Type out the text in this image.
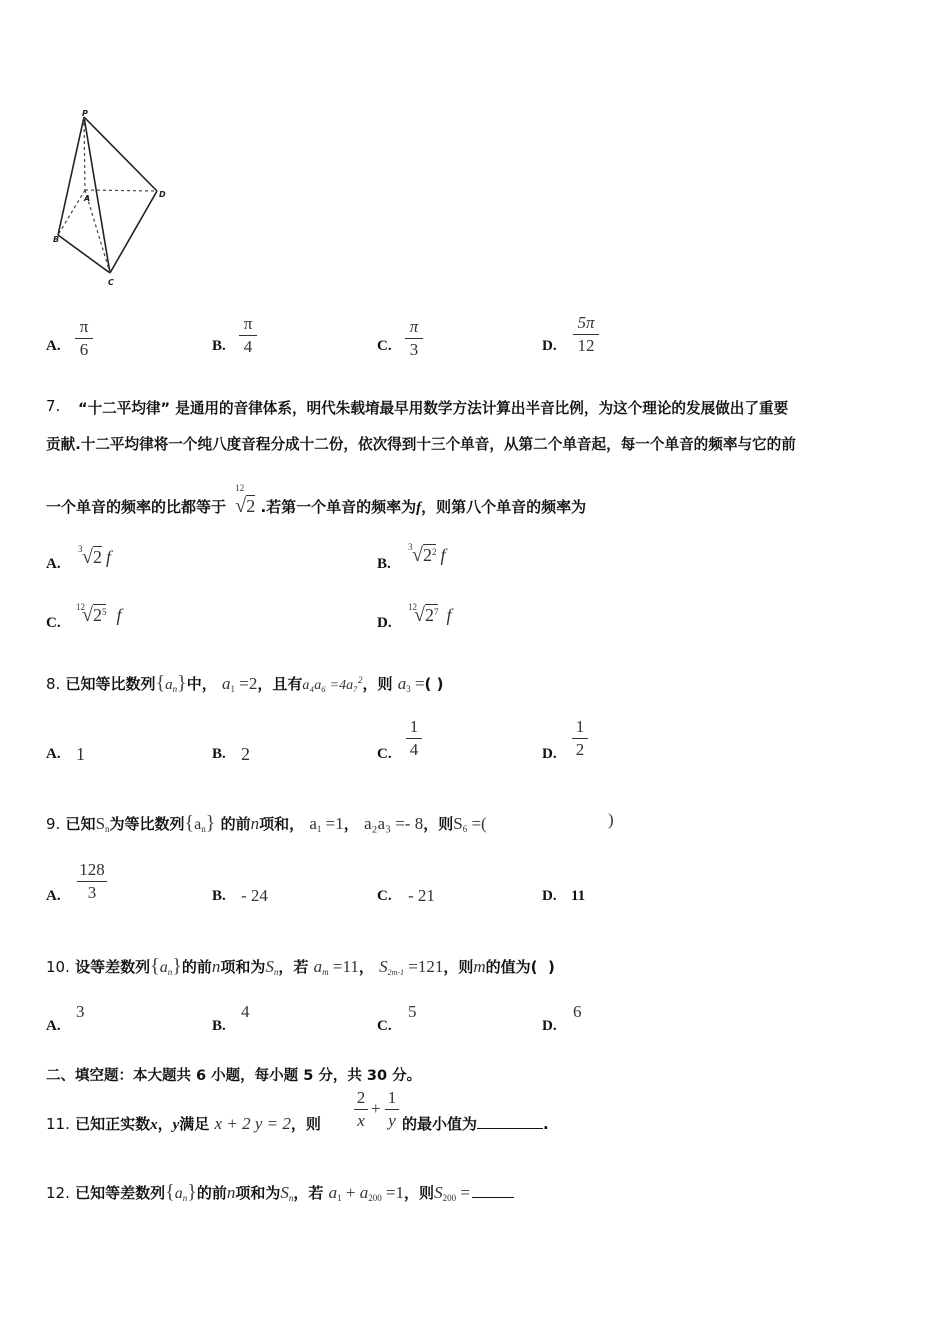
P
A
B
C
D
A.
π
6	B.
π
4	C.
π
3	D.
5π
12
7. “十二平均律” 是通用的音律体系，明代朱载堉最早用数学方法计算出半音比例，为这个理论的发展做出了重要
贡献.十二平均律将一个纯八度音程分成十二份，依次得到十三个单音，从第二个单音起，每一个单音的频率与它的前
一个单音的频率的比都等于
12
√2 .若第一个单音的频率为f，则第八个单音的频率为
A.
3 √2 f	B.
3 $√2^2$ f
C.
12
$√2^5$ f	D.
12
$√2^7$ f
8. 已知等比数列$\{a_n\}$中， $a_1 =2$，且有a₄a₆ =4a₇$^2$，则 $a_3$ =( )
A. 1	B. 2	C.
1
4	D.
1
2
9. 已知$S_n$为等比数列$\{a_n\}$ 的前n项和， $a_1 =1$， a₂a₃ =- 8，则$S_6$ =(	)
A.
128
3	B. - 24	C. - 21	D. 11
10. 设等差数列$\{a_n\}$的前n项和为$S_n$，若 $a_m =11$， $S_{2m-1} =121$，则m的值为( )
A.
3
B.
4
C.
5
D.
6
二、填空题：本大题共 6 小题，每小题 5 分，共 30 分。
11. 已知正实数x，y满足 x + 2 y = 2，则
2
x
+
1
y 的最小值为	.
12. 已知等差数列$\{a_n\}$的前n项和为$S_n$，若 $a_1 + a_{200} =1$，则$S_{200}$ =
